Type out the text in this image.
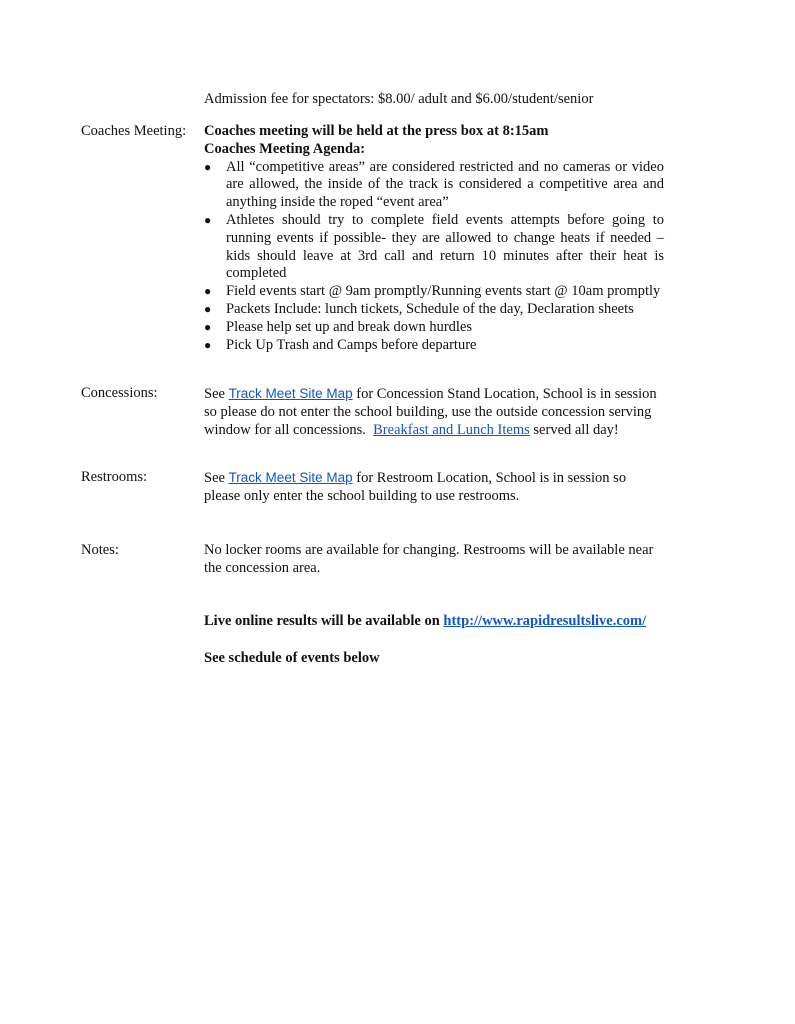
Admission fee for spectators: $8.00/ adult and $6.00/student/senior
Coaches Meeting:	Coaches meeting will be held at the press box at 8:15am

Coaches Meeting Agenda:

● All “competitive areas” are considered restricted and no cameras or video are allowed, the inside of the track is considered a competitive area and anything inside the roped “event area”
● Athletes should try to complete field events attempts before going to running events if possible- they are allowed to change heats if needed – kids should leave at 3rd call and return 10 minutes after their heat is completed
● Field events start @ 9am promptly/Running events start @ 10am promptly
● Packets Include: lunch tickets, Schedule of the day, Declaration sheets
● Please help set up and break down hurdles
● Pick Up Trash and Camps before departure
Concessions:	See Track Meet Site Map for Concession Stand Location, School is in session so please do not enter the school building, use the outside concession serving window for all concessions. Breakfast and Lunch Items served all day!

Restrooms:	See Track Meet Site Map for Restroom Location, School is in session so please only enter the school building to use restrooms.

Notes:	No locker rooms are available for changing. Restrooms will be available near the concession area.
Live online results will be available on http://www.rapidresultslive.com/
See schedule of events below
